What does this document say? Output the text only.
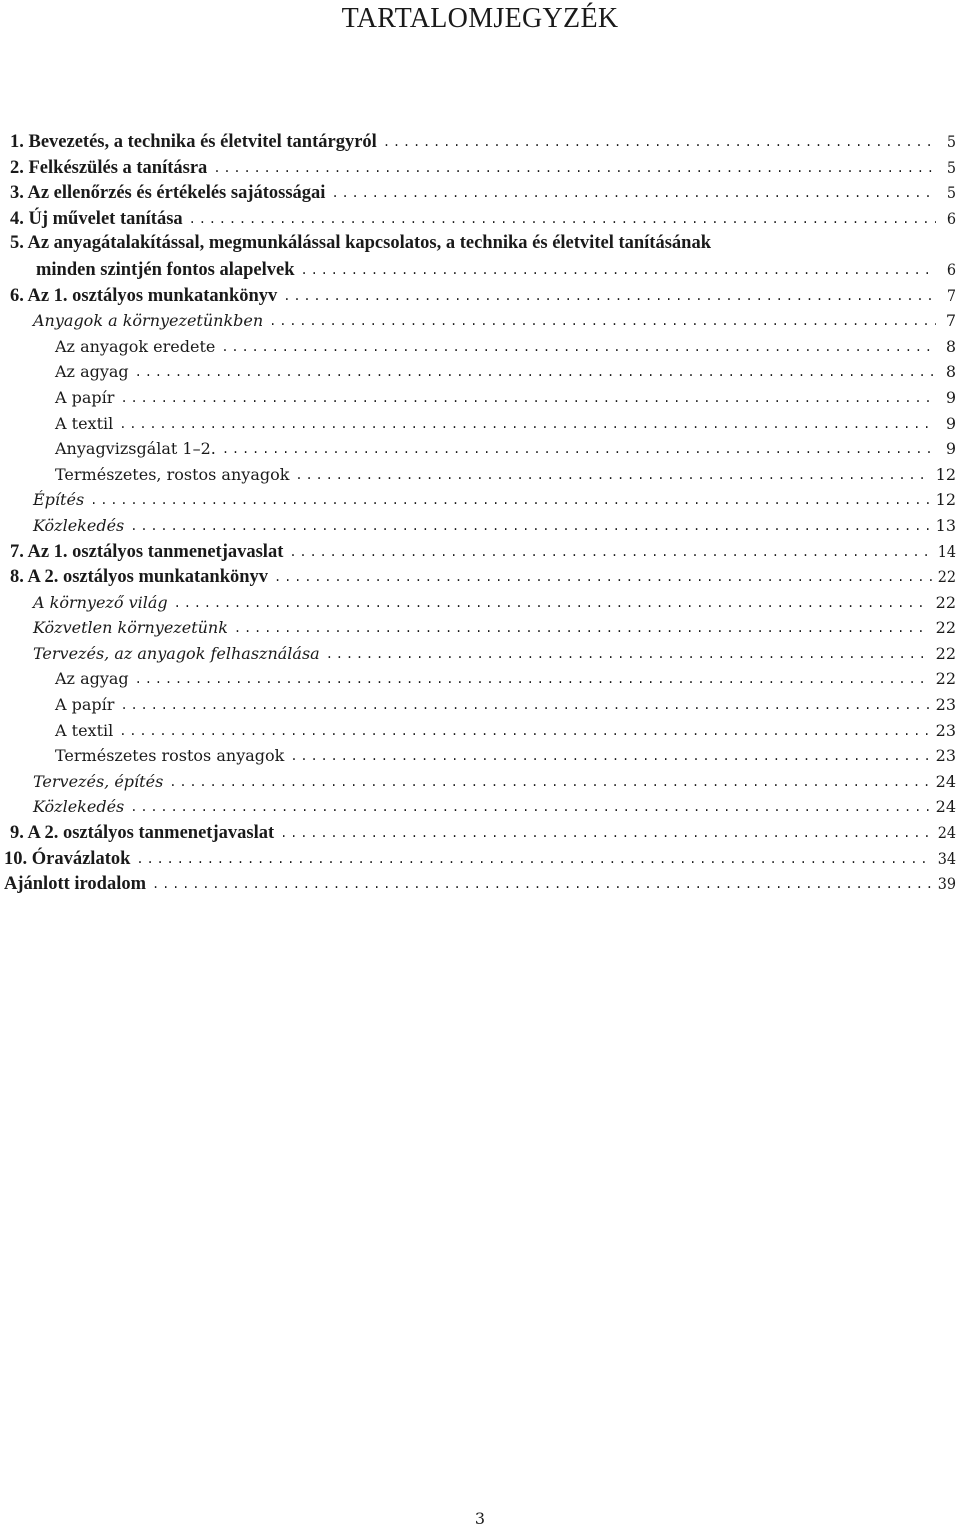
TARTALOMJEGYZÉK
1. Bevezetés, a technika és életvitel tantárgyról . . .	5
2. Felkészülés a tanításra . . .	5
3. Az ellenőrzés és értékelés sajátosságai . . .	5
4. Új művelet tanítása . . .	6
5. Az anyagátalakítással, megmunkálással kapcsolatos, a technika és életvitel tanításának
minden szintjén fontos alapelvek . . .	6
6. Az 1. osztályos munkatankönyv . . .	7
Anyagok a környezetünkben . . .	7
Az anyagok eredete . . .	8
Az agyag . . .	8
A papír . . .	9
A textil . . .	9
Anyagvizsgálat 1–2. . . .	9
Természetes, rostos anyagok . . .	12
Építés . . .	12
Közlekedés . . .	13
7. Az 1. osztályos tanmenetjavaslat . . .	14
8. A 2. osztályos munkatankönyv . . .	22
A környező világ . . .	22
Közvetlen környezetünk . . .	22
Tervezés, az anyagok felhasználása . . .	22
Az agyag . . .	22
A papír . . .	23
A textil . . .	23
Természetes rostos anyagok . . .	23
Tervezés, építés . . .	24
Közlekedés . . .	24
9. A 2. osztályos tanmenetjavaslat . . .	24
10. Óravázlatok . . .	34
Ajánlott irodalom . . .	39
3
